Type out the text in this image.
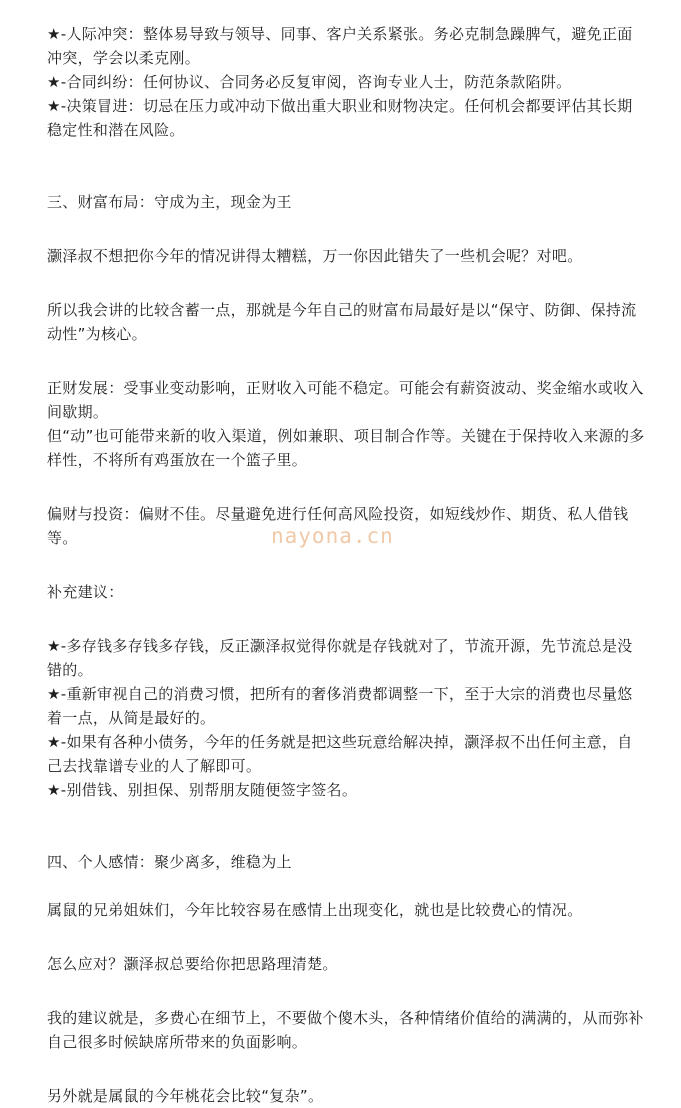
★-人际冲突：整体易导致与领导、同事、客户关系紧张。务必克制急躁脾气，避免正面冲突，学会以柔克刚。

★-合同纠纷：任何协议、合同务必反复审阅，咨询专业人士，防范条款陷阱。

★-决策冒进：切忌在压力或冲动下做出重大职业和财物决定。任何机会都要评估其长期稳定性和潜在风险。

三、财富布局：守成为主，现金为王

灏泽叔不想把你今年的情况讲得太糟糕，万一你因此错失了一些机会呢？对吧。

所以我会讲的比较含蓄一点，那就是今年自己的财富布局最好是以“保守、防御、保持流动性”为核心。

正财发展：受事业变动影响，正财收入可能不稳定。可能会有薪资波动、奖金缩水或收入间歇期。

但“动”也可能带来新的收入渠道，例如兼职、项目制合作等。关键在于保持收入来源的多样性，不将所有鸡蛋放在一个篮子里。

偏财与投资：偏财不佳。尽量避免进行任何高风险投资，如短线炒作、期货、私人借钱等。

补充建议：

★-多存钱多存钱多存钱，反正灏泽叔觉得你就是存钱就对了，节流开源，先节流总是没错的。

★-重新审视自己的消费习惯，把所有的奢侈消费都调整一下，至于大宗的消费也尽量悠着一点，从简是最好的。

★-如果有各种小债务，今年的任务就是把这些玩意给解决掉，灏泽叔不出任何主意，自己去找靠谱专业的人了解即可。

★-别借钱、别担保、别帮朋友随便签字签名。

四、个人感情：聚少离多，维稳为上

属鼠的兄弟姐妹们，今年比较容易在感情上出现变化，就也是比较费心的情况。

怎么应对？灏泽叔总要给你把思路理清楚。

我的建议就是，多费心在细节上，不要做个傻木头，各种情绪价值给的满满的，从而弥补自己很多时候缺席所带来的负面影响。

另外就是属鼠的今年桃花会比较“复杂”。

nayona.cn
